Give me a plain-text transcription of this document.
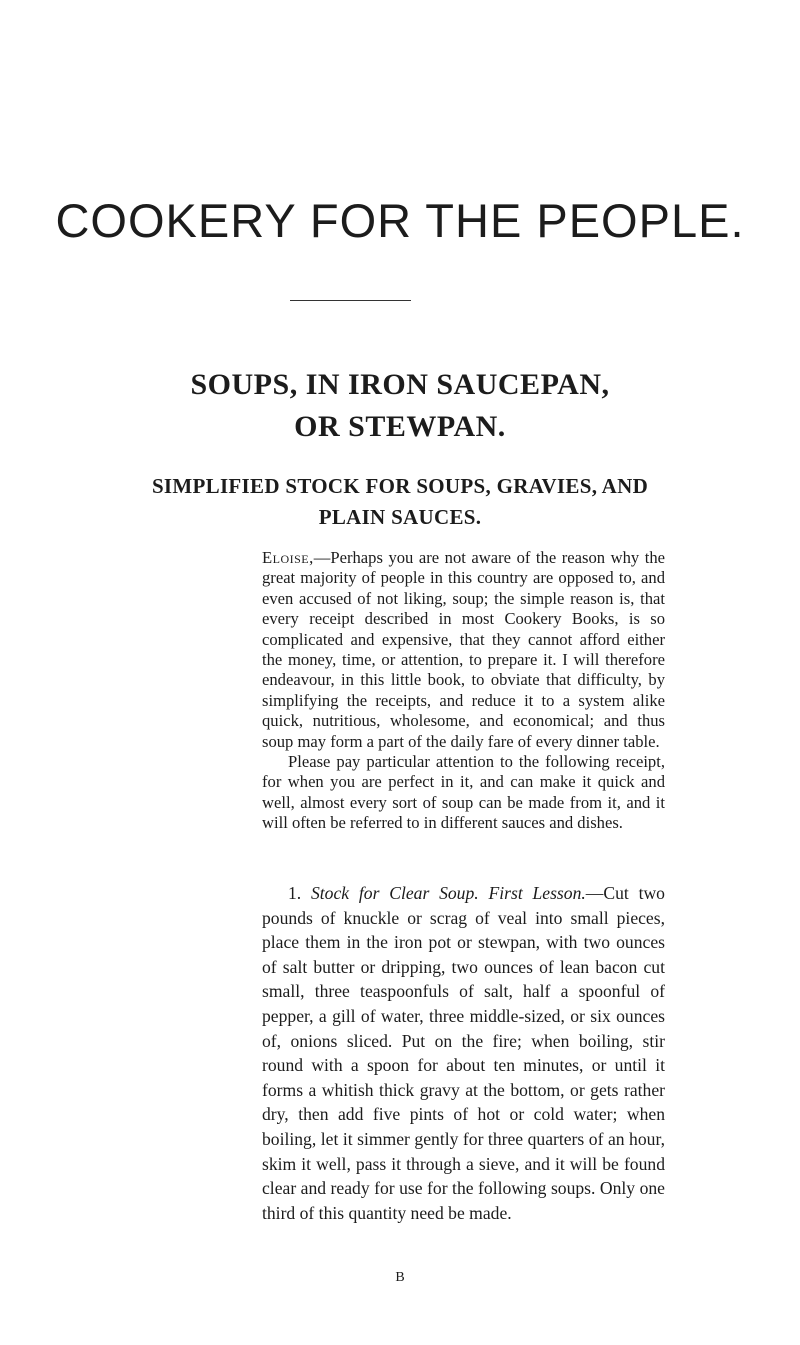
COOKERY FOR THE PEOPLE.
SOUPS, IN IRON SAUCEPAN,
OR STEWPAN.
SIMPLIFIED STOCK FOR SOUPS, GRAVIES, AND
PLAIN SAUCES.

Eloise,—Perhaps you are not aware of the reason why the great majority of people in this country are opposed to, and even accused of not liking, soup; the simple reason is, that every receipt described in most Cookery Books, is so complicated and expensive, that they cannot afford either the money, time, or attention, to prepare it. I will therefore endeavour, in this little book, to obviate that difficulty, by simplifying the receipts, and reduce it to a system alike quick, nutritious, wholesome, and economical; and thus soup may form a part of the daily fare of every dinner table.

Please pay particular attention to the following receipt, for when you are perfect in it, and can make it quick and well, almost every sort of soup can be made from it, and it will often be referred to in different sauces and dishes.

1. Stock for Clear Soup. First Lesson.—Cut two pounds of knuckle or scrag of veal into small pieces, place them in the iron pot or stewpan, with two ounces of salt butter or dripping, two ounces of lean bacon cut small, three teaspoonfuls of salt, half a spoonful of pepper, a gill of water, three middle-sized, or six ounces of, onions sliced. Put on the fire; when boiling, stir round with a spoon for about ten minutes, or until it forms a whitish thick gravy at the bottom, or gets rather dry, then add five pints of hot or cold water; when boiling, let it simmer gently for three quarters of an hour, skim it well, pass it through a sieve, and it will be found clear and ready for use for the following soups. Only one third of this quantity need be made.

B
